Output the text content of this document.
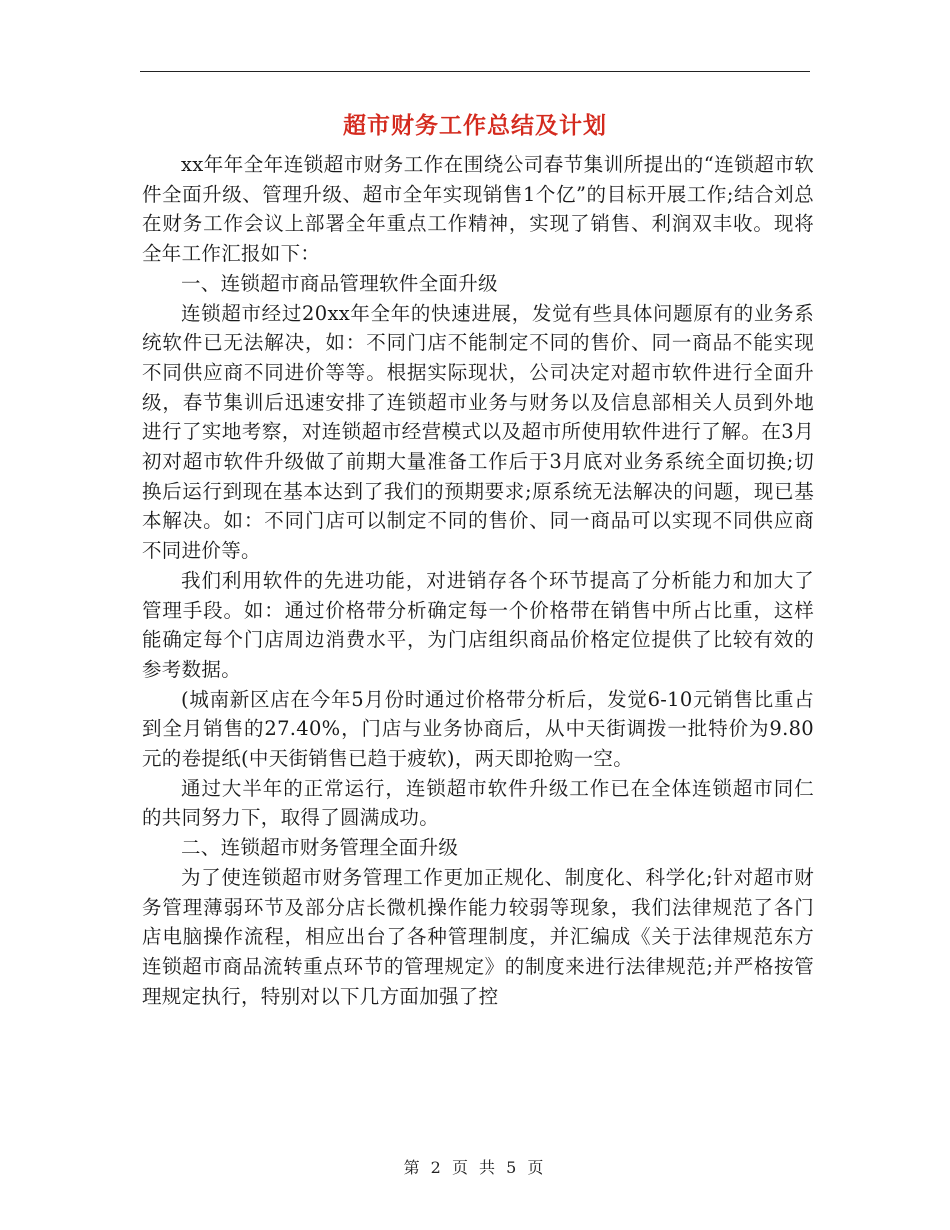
超市财务工作总结及计划

xx年年全年连锁超市财务工作在围绕公司春节集训所提出的“连锁超市软件全面升级、管理升级、超市全年实现销售1个亿”的目标开展工作;结合刘总在财务工作会议上部署全年重点工作精神，实现了销售、利润双丰收。现将全年工作汇报如下：

一、连锁超市商品管理软件全面升级

连锁超市经过20xx年全年的快速进展，发觉有些具体问题原有的业务系统软件已无法解决，如：不同门店不能制定不同的售价、同一商品不能实现不同供应商不同进价等等。根据实际现状，公司决定对超市软件进行全面升级，春节集训后迅速安排了连锁超市业务与财务以及信息部相关人员到外地进行了实地考察，对连锁超市经营模式以及超市所使用软件进行了解。在3月初对超市软件升级做了前期大量准备工作后于3月底对业务系统全面切换;切换后运行到现在基本达到了我们的预期要求;原系统无法解决的问题，现已基本解决。如：不同门店可以制定不同的售价、同一商品可以实现不同供应商不同进价等。

我们利用软件的先进功能，对进销存各个环节提高了分析能力和加大了管理手段。如：通过价格带分析确定每一个价格带在销售中所占比重，这样能确定每个门店周边消费水平，为门店组织商品价格定位提供了比较有效的参考数据。

(城南新区店在今年5月份时通过价格带分析后，发觉6-10元销售比重占到全月销售的27.40%，门店与业务协商后，从中天街调拨一批特价为9.80元的卷提纸(中天街销售已趋于疲软)，两天即抢购一空。

通过大半年的正常运行，连锁超市软件升级工作已在全体连锁超市同仁的共同努力下，取得了圆满成功。

二、连锁超市财务管理全面升级

为了使连锁超市财务管理工作更加正规化、制度化、科学化;针对超市财务管理薄弱环节及部分店长微机操作能力较弱等现象，我们法律规范了各门店电脑操作流程，相应出台了各种管理制度，并汇编成《关于法律规范东方连锁超市商品流转重点环节的管理规定》的制度来进行法律规范;并严格按管理规定执行，特别对以下几方面加强了控

第 2 页 共 5 页
